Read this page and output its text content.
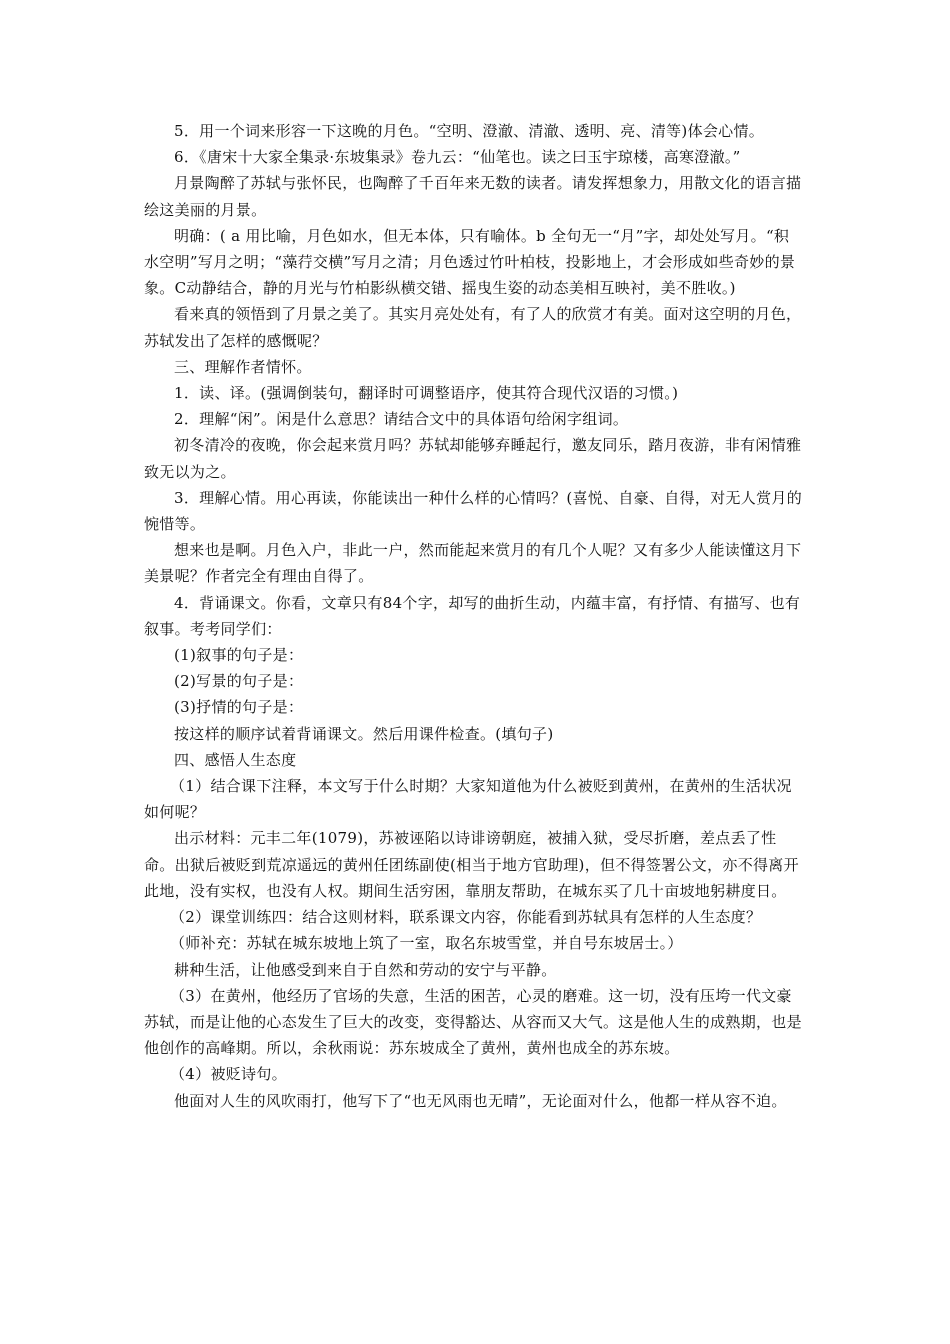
5．用一个词来形容一下这晚的月色。“空明、澄澈、清澈、透明、亮、清等)体会心情。

6．《唐宋十大家全集录·东坡集录》卷九云：“仙笔也。读之曰玉宇琼楼，高寒澄澈。”

月景陶醉了苏轼与张怀民，也陶醉了千百年来无数的读者。请发挥想象力，用散文化的语言描绘这美丽的月景。

明确：( a 用比喻，月色如水，但无本体，只有喻体。b 全句无一“月”字，却处处写月。“积水空明”写月之明；“藻荇交横”写月之清；月色透过竹叶柏枝，投影地上，才会形成如些奇妙的景象。C动静结合，静的月光与竹柏影纵横交错、摇曳生姿的动态美相互映衬，美不胜收。)

看来真的领悟到了月景之美了。其实月亮处处有，有了人的欣赏才有美。面对这空明的月色，苏轼发出了怎样的感慨呢？

三、理解作者情怀。

1．读、译。(强调倒装句，翻译时可调整语序，使其符合现代汉语的习惯。)

2．理解“闲”。闲是什么意思？请结合文中的具体语句给闲字组词。

初冬清冷的夜晚，你会起来赏月吗？苏轼却能够弃睡起行，邀友同乐，踏月夜游，非有闲情雅致无以为之。

3．理解心情。用心再读，你能读出一种什么样的心情吗？(喜悦、自豪、自得，对无人赏月的惋惜等。

想来也是啊。月色入户，非此一户，然而能起来赏月的有几个人呢？又有多少人能读懂这月下美景呢？作者完全有理由自得了。

4．背诵课文。你看，文章只有84个字，却写的曲折生动，内蕴丰富，有抒情、有描写、也有叙事。考考同学们：

(1)叙事的句子是：

(2)写景的句子是：

(3)抒情的句子是：

按这样的顺序试着背诵课文。然后用课件检查。(填句子)

四、感悟人生态度

（1）结合课下注释，本文写于什么时期？大家知道他为什么被贬到黄州，在黄州的生活状况如何呢？

出示材料：元丰二年(1079)，苏被诬陷以诗诽谤朝庭，被捕入狱，受尽折磨，差点丢了性命。出狱后被贬到荒凉遥远的黄州任团练副使(相当于地方官助理)，但不得签署公文，亦不得离开此地，没有实权，也没有人权。期间生活穷困，靠朋友帮助，在城东买了几十亩坡地躬耕度日。

（2）课堂训练四：结合这则材料，联系课文内容，你能看到苏轼具有怎样的人生态度？

（师补充：苏轼在城东坡地上筑了一室，取名东坡雪堂，并自号东坡居士。）

耕种生活，让他感受到来自于自然和劳动的安宁与平静。

（3）在黄州，他经历了官场的失意，生活的困苦，心灵的磨难。这一切，没有压垮一代文豪苏轼，而是让他的心态发生了巨大的改变，变得豁达、从容而又大气。这是他人生的成熟期，也是他创作的高峰期。所以，余秋雨说：苏东坡成全了黄州，黄州也成全的苏东坡。

（4）被贬诗句。

他面对人生的风吹雨打，他写下了“也无风雨也无晴”，无论面对什么，他都一样从容不迫。
